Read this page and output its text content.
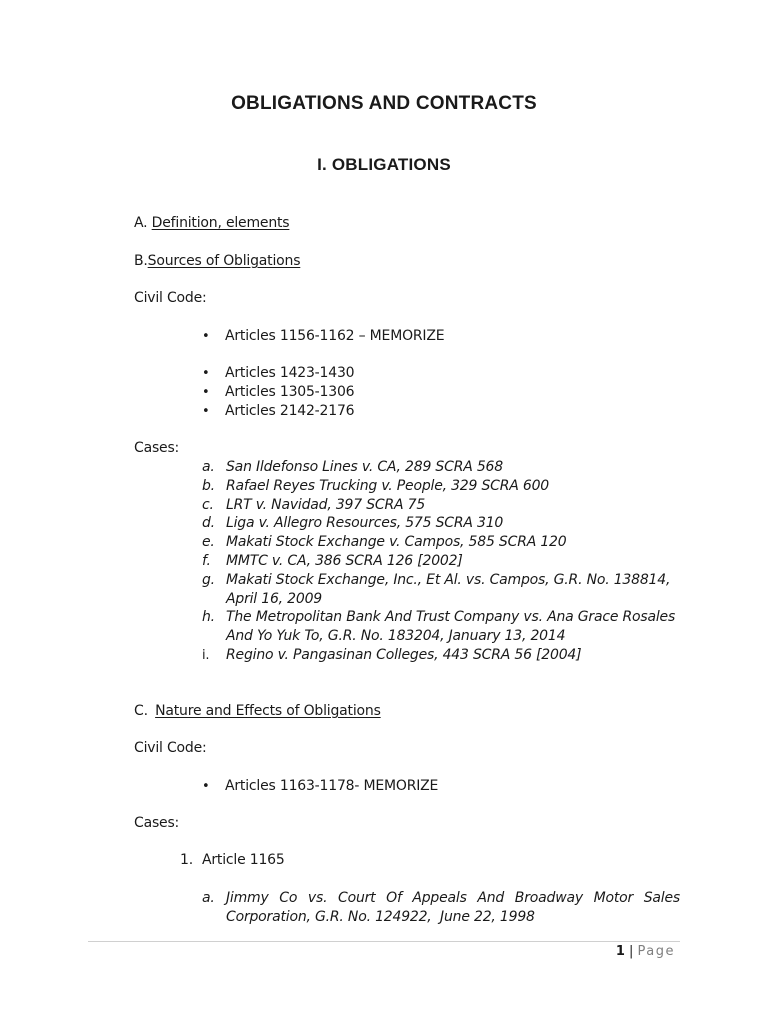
OBLIGATIONS AND CONTRACTS
I. OBLIGATIONS
A. Definition, elements
B.Sources of Obligations
Civil Code:
• Articles 1156-1162 – MEMORIZE
• Articles 1423-1430
• Articles 1305-1306
• Articles 2142-2176
Cases:
a. San Ildefonso Lines v. CA, 289 SCRA 568
b. Rafael Reyes Trucking v. People, 329 SCRA 600
c. LRT v. Navidad, 397 SCRA 75
d. Liga v. Allegro Resources, 575 SCRA 310
e. Makati Stock Exchange v. Campos, 585 SCRA 120
f. MMTC v. CA, 386 SCRA 126 [2002]
g. Makati Stock Exchange, Inc., Et Al. vs. Campos, G.R. No. 138814,
April 16, 2009
h. The Metropolitan Bank And Trust Company vs. Ana Grace Rosales
And Yo Yuk To, G.R. No. 183204, January 13, 2014
i. Regino v. Pangasinan Colleges, 443 SCRA 56 [2004]
C. Nature and Effects of Obligations
Civil Code:
• Articles 1163-1178- MEMORIZE
Cases:
1. Article 1165
a. Jimmy Co vs. Court Of Appeals And Broadway Motor Sales
Corporation, G.R. No. 124922,  June 22, 1998
1 | Page
